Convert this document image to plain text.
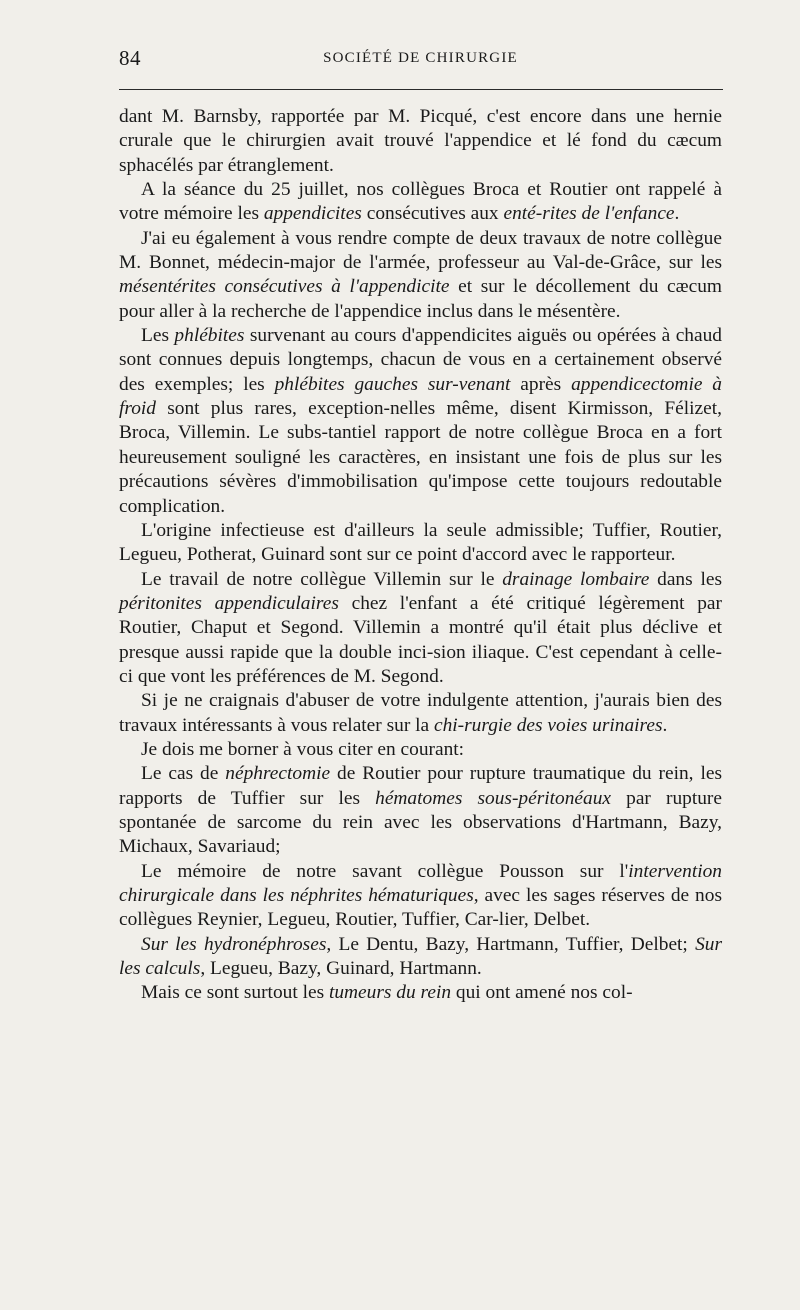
84	SOCIÉTÉ DE CHIRURGIE

dant M. Barnsby, rapportée par M. Picqué, c'est encore dans une hernie crurale que le chirurgien avait trouvé l'appendice et lé fond du cæcum sphacélés par étranglement.

A la séance du 25 juillet, nos collègues Broca et Routier ont rappelé à votre mémoire les appendicites consécutives aux enté-rites de l'enfance.

J'ai eu également à vous rendre compte de deux travaux de notre collègue M. Bonnet, médecin-major de l'armée, professeur au Val-de-Grâce, sur les mésentérites consécutives à l'appendicite et sur le décollement du cæcum pour aller à la recherche de l'appendice inclus dans le mésentère.

Les phlébites survenant au cours d'appendicites aiguës ou opérées à chaud sont connues depuis longtemps, chacun de vous en a certainement observé des exemples; les phlébites gauches sur-venant après appendicectomie à froid sont plus rares, exception-nelles même, disent Kirmisson, Félizet, Broca, Villemin. Le subs-tantiel rapport de notre collègue Broca en a fort heureusement souligné les caractères, en insistant une fois de plus sur les précautions sévères d'immobilisation qu'impose cette toujours redoutable complication.

L'origine infectieuse est d'ailleurs la seule admissible; Tuffier, Routier, Legueu, Potherat, Guinard sont sur ce point d'accord avec le rapporteur.

Le travail de notre collègue Villemin sur le drainage lombaire dans les péritonites appendiculaires chez l'enfant a été critiqué légèrement par Routier, Chaput et Segond. Villemin a montré qu'il était plus déclive et presque aussi rapide que la double inci-sion iliaque. C'est cependant à celle-ci que vont les préférences de M. Segond.

Si je ne craignais d'abuser de votre indulgente attention, j'aurais bien des travaux intéressants à vous relater sur la chi-rurgie des voies urinaires.

Je dois me borner à vous citer en courant:

Le cas de néphrectomie de Routier pour rupture traumatique du rein, les rapports de Tuffier sur les hématomes sous-péritonéaux par rupture spontanée de sarcome du rein avec les observations d'Hartmann, Bazy, Michaux, Savariaud;

Le mémoire de notre savant collègue Pousson sur l'intervention chirurgicale dans les néphrites hématuriques, avec les sages réserves de nos collègues Reynier, Legueu, Routier, Tuffier, Car-lier, Delbet.

Sur les hydronéphroses, Le Dentu, Bazy, Hartmann, Tuffier, Delbet; Sur les calculs, Legueu, Bazy, Guinard, Hartmann.

Mais ce sont surtout les tumeurs du rein qui ont amené nos col-
